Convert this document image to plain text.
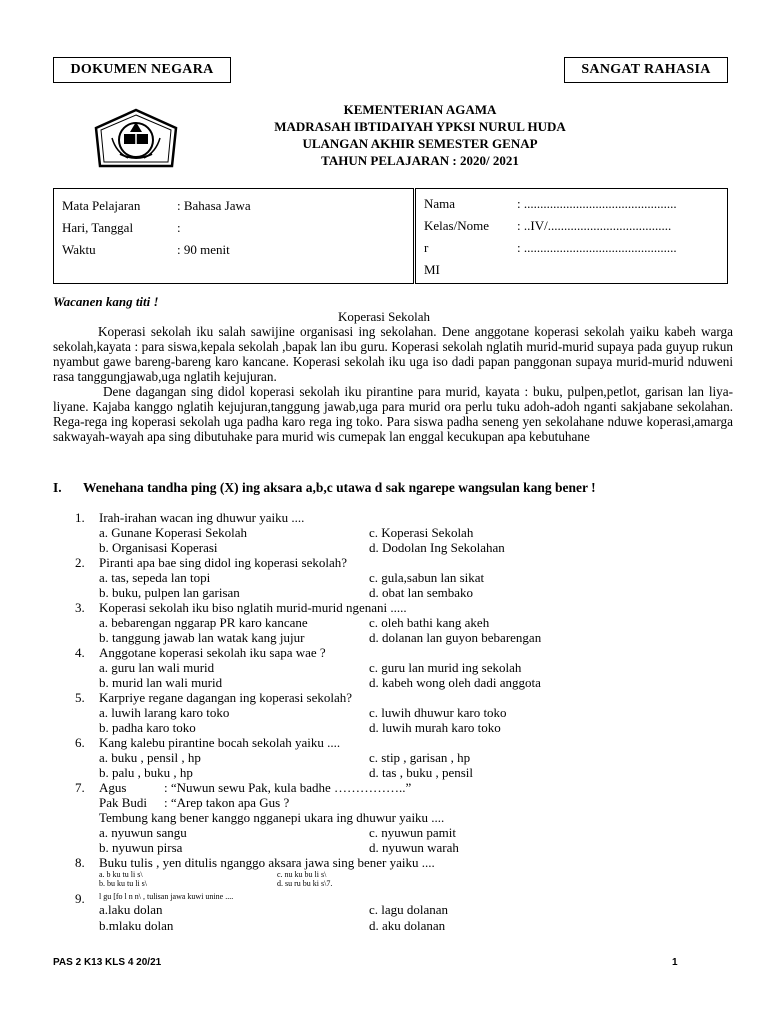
DOKUMEN NEGARA	SANGAT RAHASIA
KEMENTERIAN AGAMA
MADRASAH IBTIDAIYAH YPKSI NURUL HUDA
ULANGAN AKHIR SEMESTER GENAP
TAHUN PELAJARAN : 2020/ 2021
Mata Pelajaran	: Bahasa Jawa
Hari, Tanggal	:
Waktu	: 90 menit
Nama	: ...............................................
Kelas/Nome	: ..IV/......................................
r	: ...............................................
MI
Wacanen kang titi !
Koperasi Sekolah

Koperasi sekolah iku salah sawijine organisasi ing sekolahan. Dene anggotane koperasi sekolah yaiku kabeh warga sekolah,kayata : para siswa,kepala sekolah ,bapak lan ibu guru. Koperasi sekolah nglatih murid-murid supaya pada guyup rukun nyambut gawe bareng-bareng karo kancane. Koperasi sekolah iku uga iso dadi papan panggonan supaya murid-murid nduweni rasa tanggungjawab,uga nglatih kejujuran.

Dene dagangan sing didol koperasi sekolah iku pirantine para murid, kayata : buku, pulpen,petlot, garisan lan liya-liyane. Kajaba kanggo nglatih kejujuran,tanggung jawab,uga para murid ora perlu tuku adoh-adoh nganti sakjabane sekolahan. Rega-rega ing koperasi sekolah uga padha karo rega ing toko. Para siswa padha seneng yen sekolahane nduwe koperasi,amarga sakwayah-wayah apa sing dibutuhake para murid wis cumepak lan enggal kecukupan apa kebutuhane

I. Wenehana tandha ping (X) ing aksara a,b,c utawa d sak ngarepe wangsulan kang bener !
1.	Irah-irahan wacan ing dhuwur yaiku ....
a. Gunane Koperasi Sekolah	c. Koperasi Sekolah
b. Organisasi Koperasi	d. Dodolan Ing Sekolahan
2.	Piranti apa bae sing didol ing koperasi sekolah?
a. tas, sepeda lan topi	c. gula,sabun lan sikat
b. buku, pulpen lan garisan	d. obat lan sembako
3.	Koperasi sekolah iku biso nglatih murid-murid ngenani .....
a. bebarengan nggarap PR karo kancane	c. oleh bathi kang akeh
b. tanggung jawab lan watak kang jujur	d. dolanan lan guyon bebarengan
4.	Anggotane koperasi sekolah iku sapa wae ?
a. guru lan wali murid	c. guru lan murid ing sekolah
b. murid lan wali murid	d. kabeh wong oleh dadi anggota
5.	Karpriye regane dagangan ing koperasi sekolah?
a. luwih larang karo toko	c. luwih dhuwur karo toko
b. padha karo toko	d. luwih murah karo toko
6.	Kang kalebu pirantine bocah sekolah yaiku ....
a. buku , pensil , hp	c. stip , garisan , hp
b. palu , buku , hp	d. tas , buku , pensil
7.	Agus	: “Nuwun sewu Pak, kula badhe ……………..”
Pak Budi	: “Arep takon apa Gus ?
Tembung kang bener kanggo ngganepi ukara ing dhuwur yaiku ....
a. nyuwun sangu	c. nyuwun pamit
b. nyuwun pirsa	d. nyuwun warah
8.	Buku tulis , yen ditulis nganggo aksara jawa sing bener yaiku ....
a. b ku tu li s\	c. nu ku bu li s\
b. bu ku tu li s\	d. su ru bu ki s\7.
9.	l gu [fo l n n\ , tulisan jawa kuwi unine ....
a.laku dolan	c. lagu dolanan
b.mlaku dolan	d. aku dolanan
PAS 2 K13 KLS 4 20/21	1
